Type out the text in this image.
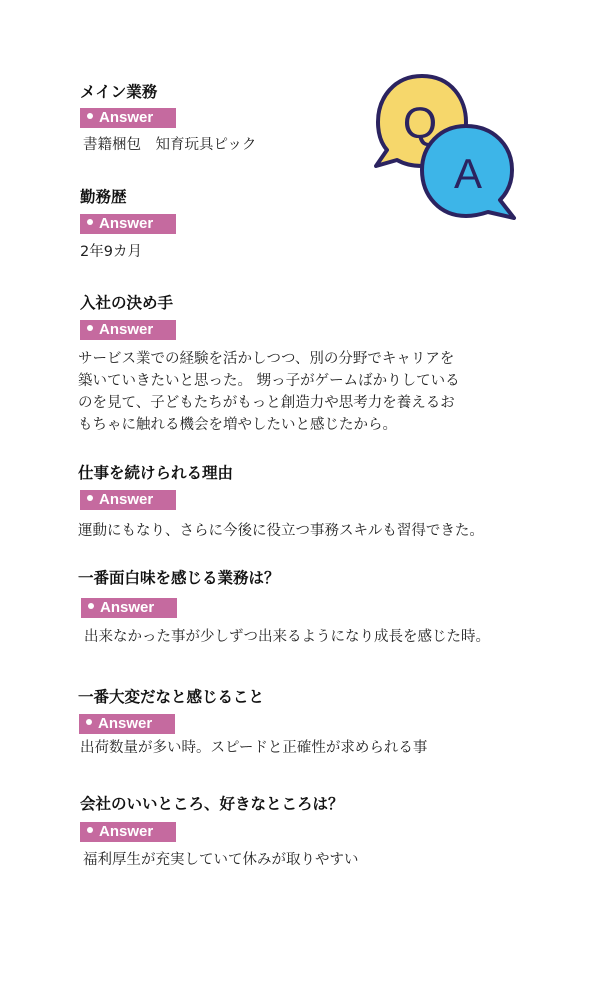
Q
A
メイン業務
Answer

書籍梱包　知育玩具ピック

勤務歴
Answer

2年9カ月

入社の決め手
Answer

サービス業での経験を活かしつつ、別の分野でキャリアを
築いていきたいと思った。 甥っ子がゲームばかりしている
のを見て、子どもたちがもっと創造力や思考力を養えるお
もちゃに触れる機会を増やしたいと感じたから。

仕事を続けられる理由
Answer

運動にもなり、さらに今後に役立つ事務スキルも習得できた。

一番面白味を感じる業務は？
Answer

出来なかった事が少しずつ出来るようになり成長を感じた時。

一番大変だなと感じること
Answer

出荷数量が多い時。スピードと正確性が求められる事

会社のいいところ、好きなところは？
Answer

福利厚生が充実していて休みが取りやすい
